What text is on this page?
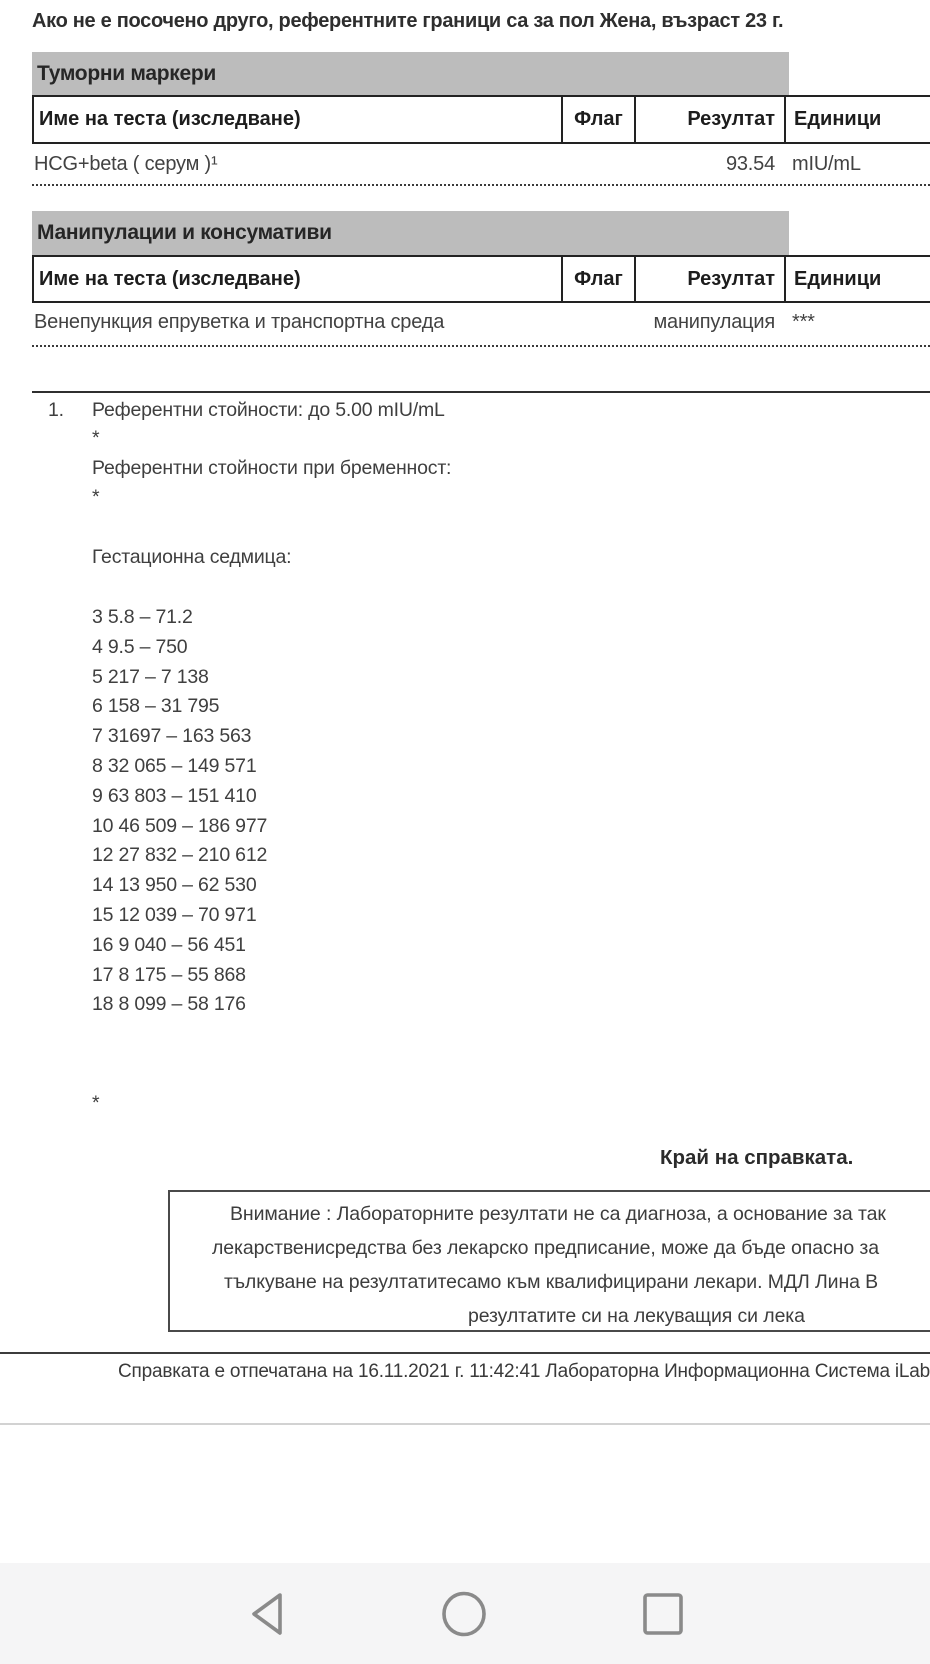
Ако не е посочено друго, референтните граници са за пол Жена, възраст 23 г.
Туморни маркери
Име на теста (изследване)	Флаг	Резултат Единици
HCG+beta ( серум )¹	93.54 mIU/mL
Манипулации и консумативи
Име на теста (изследване)	Флаг	Резултат Единици
Венепункция епруветка и транспортна среда	манипулация ***
1. Референтни стойности: до 5.00 mIU/mL
*
Референтни стойности при бременност:
*
Гестационна седмица:
3 5.8 – 71.2
4 9.5 – 750
5 217 – 7 138
6 158 – 31 795
7 31697 – 163 563
8 32 065 – 149 571
9 63 803 – 151 410
10 46 509 – 186 977
12 27 832 – 210 612
14 13 950 – 62 530
15 12 039 – 70 971
16 9 040 – 56 451
17 8 175 – 55 868
18 8 099 – 58 176
*
Край на справката.
Внимание : Лабораторните резултати не са диагноза, а основание за так
лекарственисредства без лекарско предписание, може да бъде опасно за
тълкуване на резултатитесамо към квалифицирани лекари. МДЛ Лина В
резултатите си на лекуващия си лека
Справката е отпечатана на 16.11.2021 г. 11:42:41 Лабораторна Информационна Система iLab
